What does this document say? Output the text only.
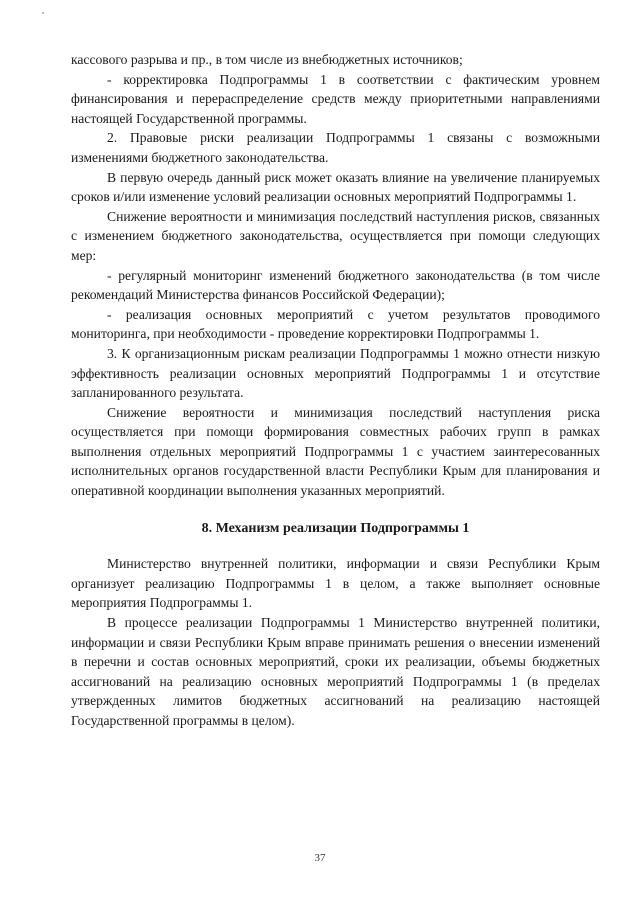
кассового разрыва и пр., в том числе из внебюджетных источников;

- корректировка Подпрограммы 1 в соответствии с фактическим уровнем финансирования и перераспределение средств между приоритетными направлениями настоящей Государственной программы.

2. Правовые риски реализации Подпрограммы 1 связаны с возможными изменениями бюджетного законодательства.

В первую очередь данный риск может оказать влияние на увеличение планируемых сроков и/или изменение условий реализации основных мероприятий Подпрограммы 1.

Снижение вероятности и минимизация последствий наступления рисков, связанных с изменением бюджетного законодательства, осуществляется при помощи следующих мер:

- регулярный мониторинг изменений бюджетного законодательства (в том числе рекомендаций Министерства финансов Российской Федерации);

- реализация основных мероприятий с учетом результатов проводимого мониторинга, при необходимости - проведение корректировки Подпрограммы 1.

3. К организационным рискам реализации Подпрограммы 1 можно отнести низкую эффективность реализации основных мероприятий Подпрограммы 1 и отсутствие запланированного результата.

Снижение вероятности и минимизация последствий наступления риска осуществляется при помощи формирования совместных рабочих групп в рамках выполнения отдельных мероприятий Подпрограммы 1 с участием заинтересованных исполнительных органов государственной власти Республики Крым для планирования и оперативной координации выполнения указанных мероприятий.

8. Механизм реализации Подпрограммы 1

Министерство внутренней политики, информации и связи Республики Крым организует реализацию Подпрограммы 1 в целом, а также выполняет основные мероприятия Подпрограммы 1.

В процессе реализации Подпрограммы 1 Министерство внутренней политики, информации и связи Республики Крым вправе принимать решения о внесении изменений в перечни и состав основных мероприятий, сроки их реализации, объемы бюджетных ассигнований на реализацию основных мероприятий Подпрограммы 1 (в пределах утвержденных лимитов бюджетных ассигнований на реализацию настоящей Государственной программы в целом).

37
